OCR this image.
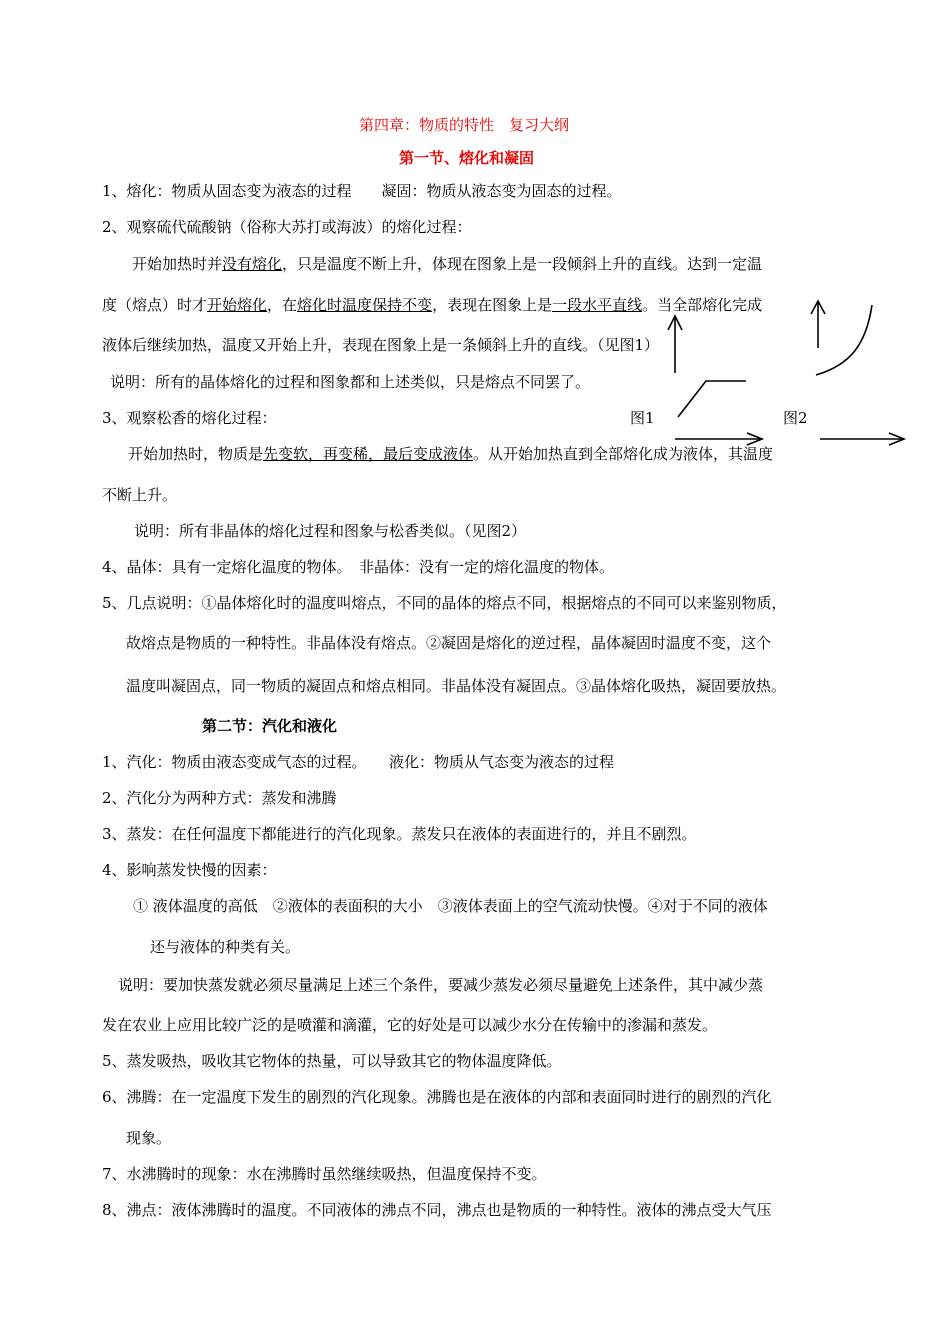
第四章：物质的特性　复习大纲
第一节、熔化和凝固
1、熔化：物质从固态变为液态的过程　　凝固：物质从液态变为固态的过程。
2、观察硫代硫酸钠（俗称大苏打或海波）的熔化过程：
开始加热时并没有熔化，只是温度不断上升，体现在图象上是一段倾斜上升的直线。达到一定温
度（熔点）时才开始熔化，在熔化时温度保持不变，表现在图象上是一段水平直线。当全部熔化完成
液体后继续加热，温度又开始上升，表现在图象上是一条倾斜上升的直线。（见图1）
说明：所有的晶体熔化的过程和图象都和上述类似，只是熔点不同罢了。
3、观察松香的熔化过程：	图1	图2
开始加热时，物质是先变软，再变稀，最后变成液体。从开始加热直到全部熔化成为液体，其温度
不断上升。
说明：所有非晶体的熔化过程和图象与松香类似。（见图2）
4、晶体：具有一定熔化温度的物体。　非晶体：没有一定的熔化温度的物体。
5、几点说明：①晶体熔化时的温度叫熔点，不同的晶体的熔点不同，根据熔点的不同可以来鉴别物质，
故熔点是物质的一种特性。非晶体没有熔点。②凝固是熔化的逆过程，晶体凝固时温度不变，这个
温度叫凝固点，同一物质的凝固点和熔点相同。非晶体没有凝固点。③晶体熔化吸热，凝固要放热。
第二节：汽化和液化
1、汽化：物质由液态变成气态的过程。　　液化：物质从气态变为液态的过程
2、汽化分为两种方式：蒸发和沸腾
3、蒸发：在任何温度下都能进行的汽化现象。蒸发只在液体的表面进行的，并且不剧烈。
4、影响蒸发快慢的因素：
① 液体温度的高低　②液体的表面积的大小　③液体表面上的空气流动快慢。④对于不同的液体
还与液体的种类有关。
说明：要加快蒸发就必须尽量满足上述三个条件，要减少蒸发必须尽量避免上述条件，其中减少蒸
发在农业上应用比较广泛的是喷灌和滴灌，它的好处是可以减少水分在传输中的渗漏和蒸发。
5、蒸发吸热，吸收其它物体的热量，可以导致其它的物体温度降低。
6、沸腾：在一定温度下发生的剧烈的汽化现象。沸腾也是在液体的内部和表面同时进行的剧烈的汽化
现象。
7、水沸腾时的现象：水在沸腾时虽然继续吸热，但温度保持不变。
8、沸点：液体沸腾时的温度。不同液体的沸点不同，沸点也是物质的一种特性。液体的沸点受大气压
